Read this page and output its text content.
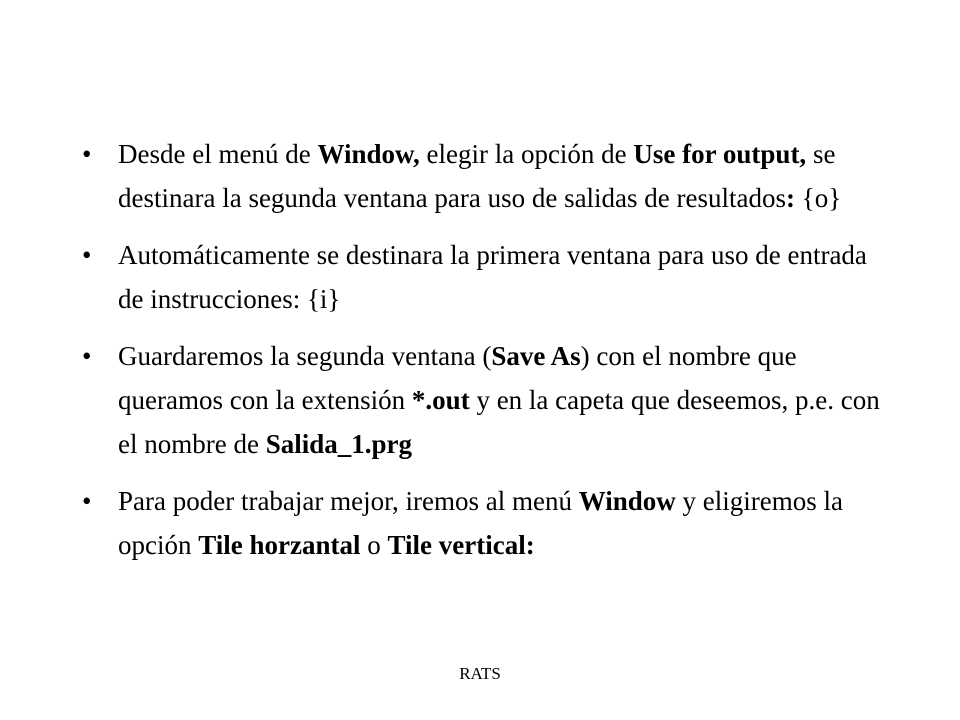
• Desde el menú de Window, elegir la opción de Use for output, se destinara la segunda ventana para uso de salidas de resultados: {o}
• Automáticamente se destinara la primera ventana para uso de entrada de instrucciones: {i}
• Guardaremos la segunda ventana (Save As) con el nombre que queramos con la extensión *.out y en la capeta que deseemos, p.e. con el nombre de Salida_1.prg
• Para poder trabajar mejor, iremos al menú Window y eligiremos la opción Tile horzantal o Tile vertical:
RATS
